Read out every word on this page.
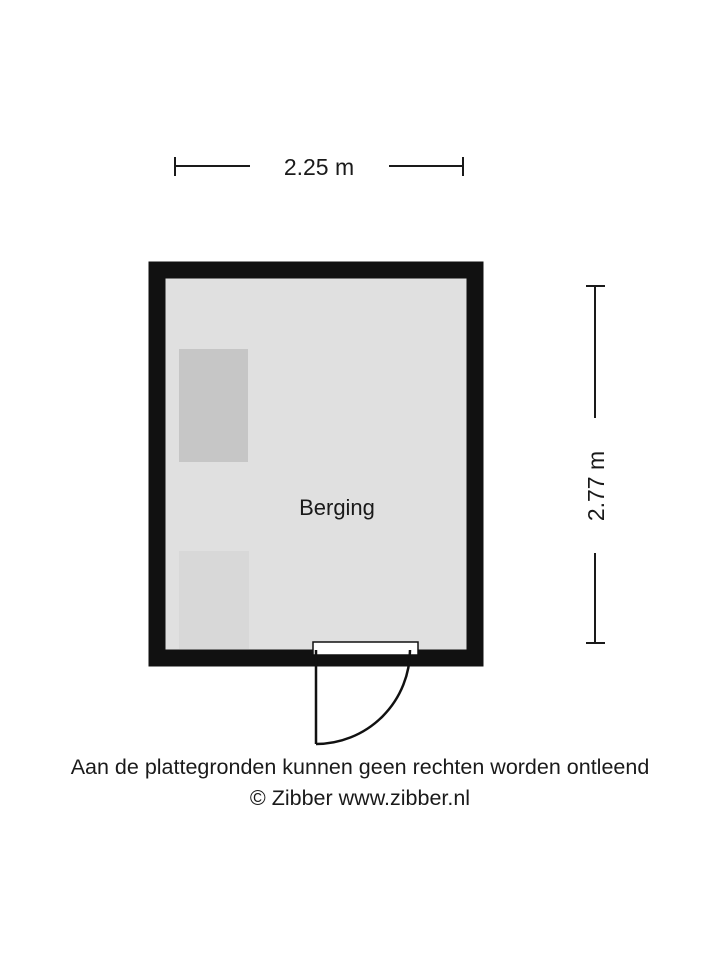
2.25 m
2.77 m
Berging
Aan de plattegronden kunnen geen rechten worden ontleend
© Zibber www.zibber.nl
